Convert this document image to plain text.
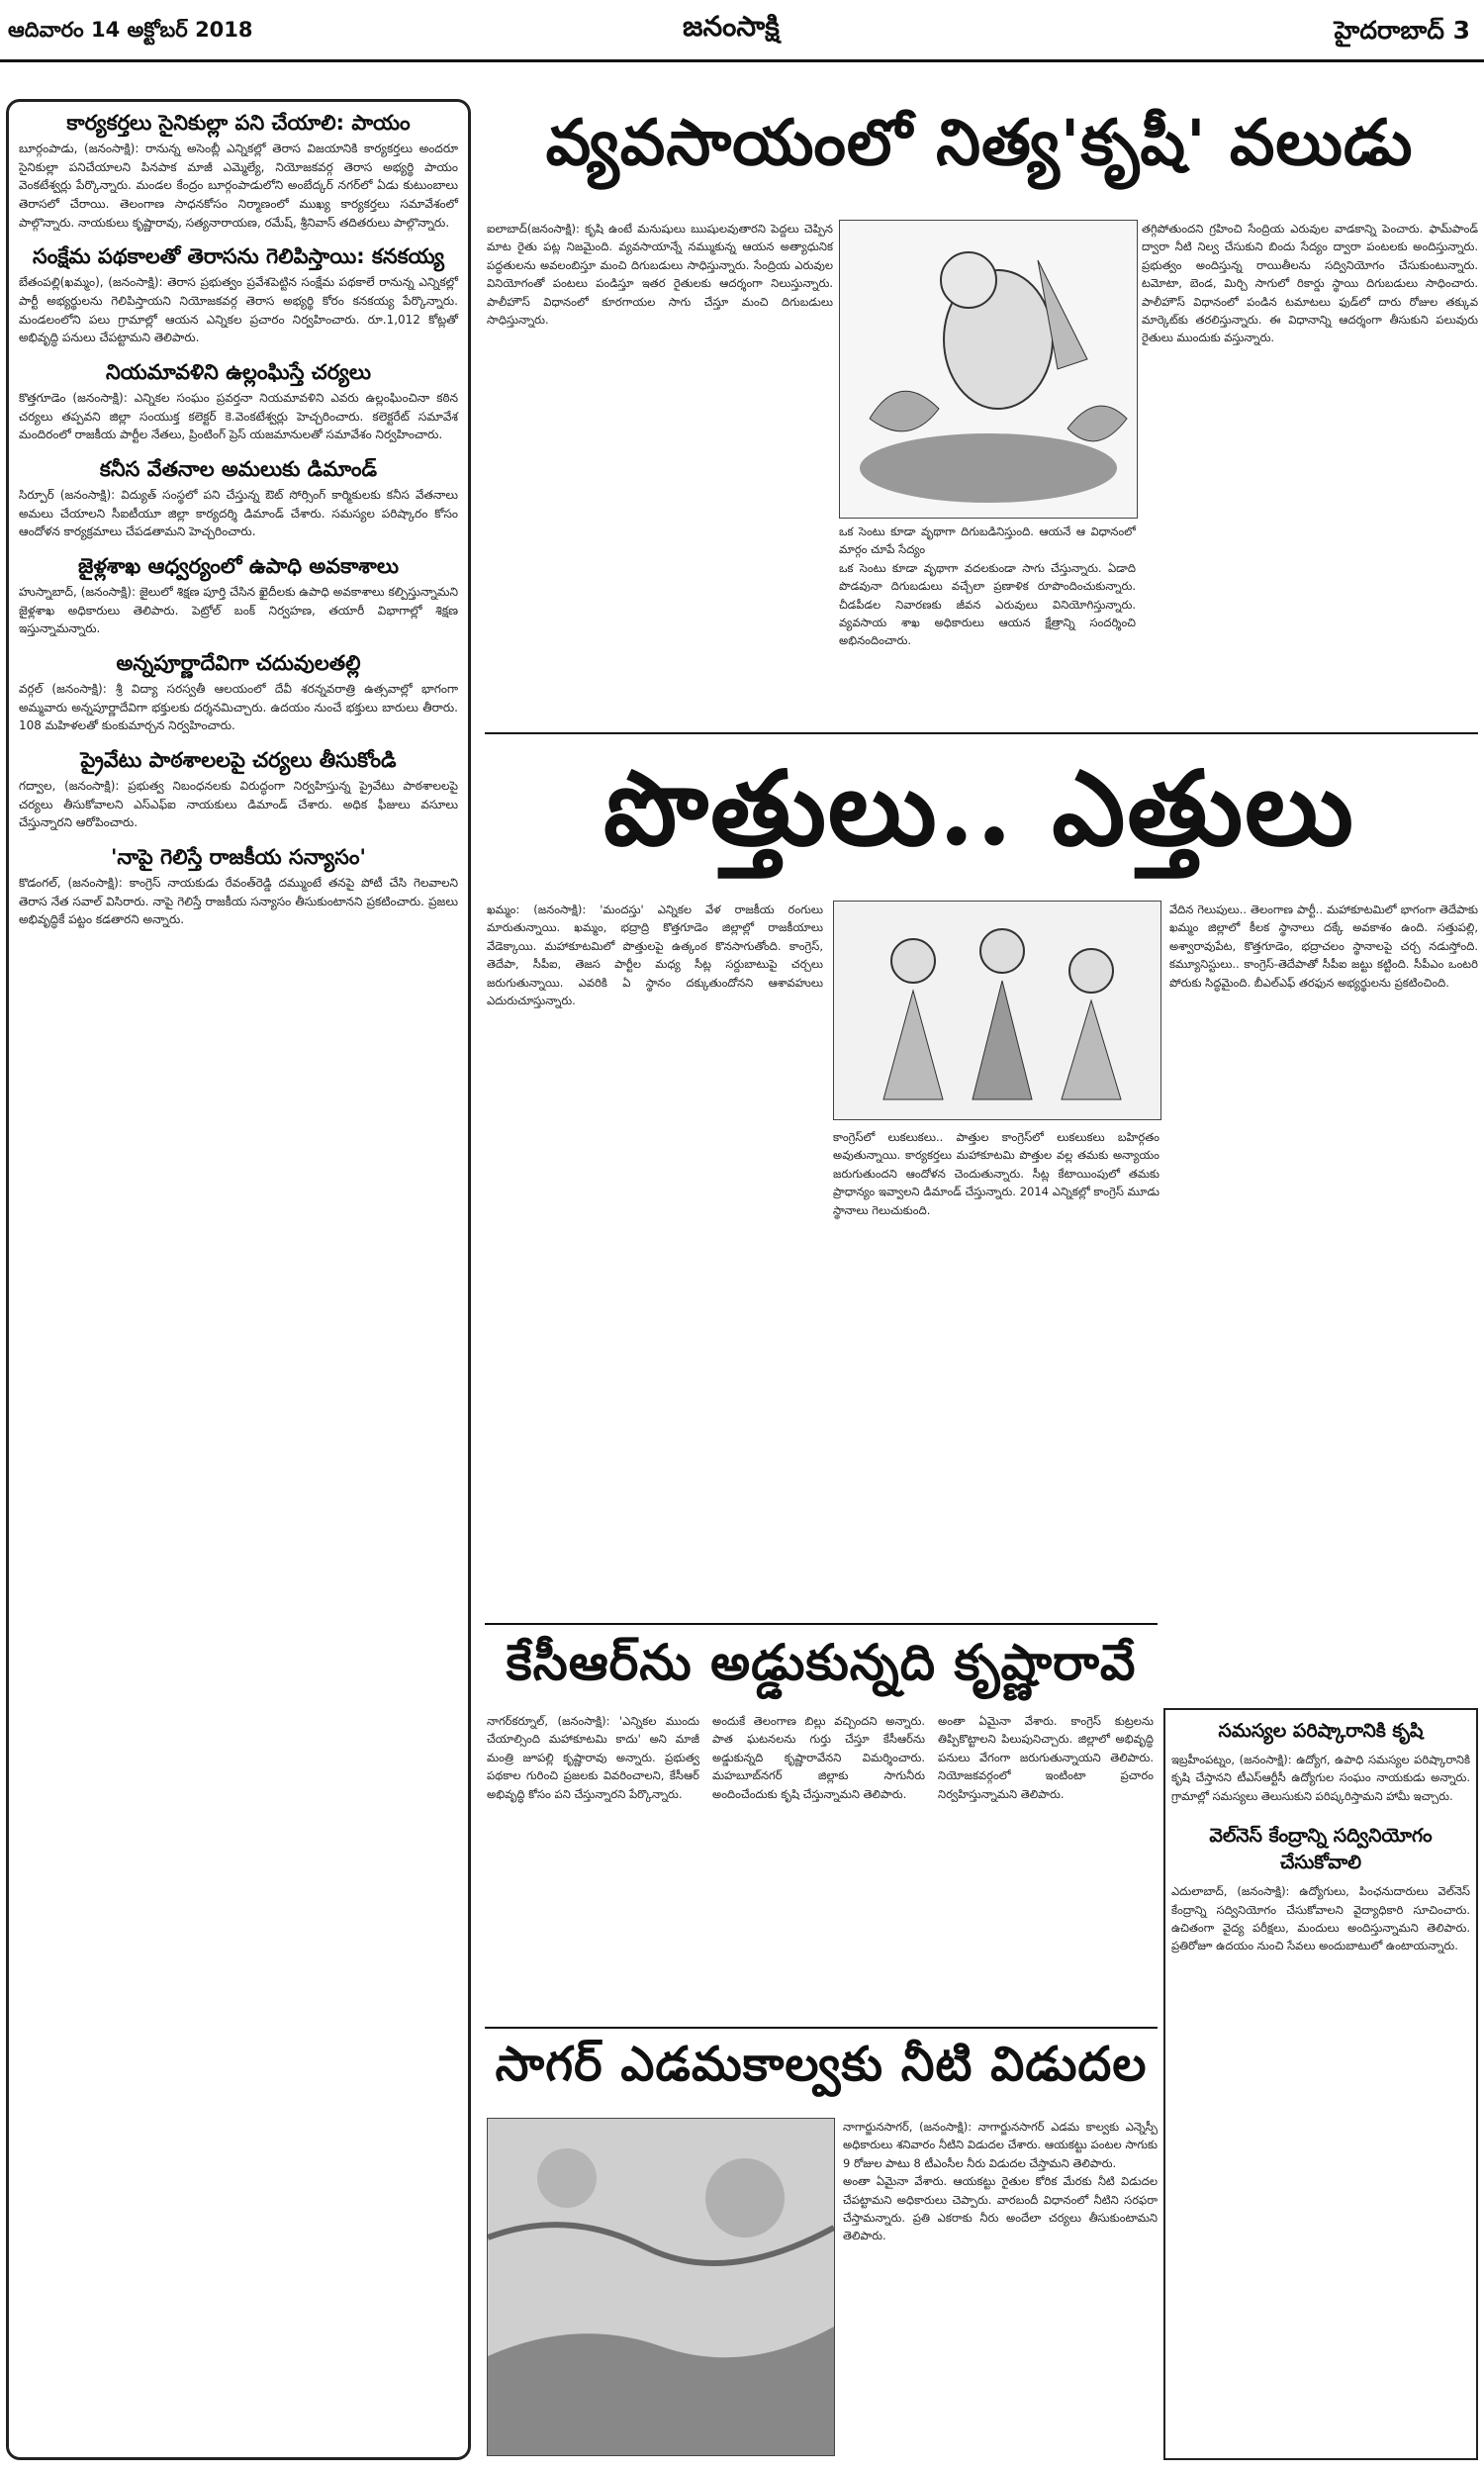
ఆదివారం 14 అక్టోబర్ 2018	జనంసాక్షి	హైదరాబాద్ 3
కార్యకర్తలు సైనికుల్లా పని చేయాలి: పాయం

బూర్గంపాడు, (జనంసాక్షి): రానున్న అసెంబ్లీ ఎన్నికల్లో తెరాస విజయానికి కార్యకర్తలు అందరూ సైనికుల్లా పనిచేయాలని పినపాక మాజీ ఎమ్మెల్యే, నియోజకవర్గ తెరాస అభ్యర్థి పాయం వెంకటేశ్వర్లు పేర్కొన్నారు. మండల కేంద్రం బూర్గంపాడులోని అంబేద్కర్ నగర్‌లో ఏడు కుటుంబాలు తెరాసలో చేరాయి. తెలంగాణ సాధనకోసం నిర్మాణంలో ముఖ్య కార్యకర్తలు సమావేశంలో పాల్గొన్నారు. నాయకులు కృష్ణారావు, సత్యనారాయణ, రమేష్, శ్రీనివాస్ తదితరులు పాల్గొన్నారు.

సంక్షేమ పథకాలతో తెరాసను గెలిపిస్తాయి: కనకయ్య

బేతంపల్లి(ఖమ్మం), (జనంసాక్షి): తెరాస ప్రభుత్వం ప్రవేశపెట్టిన సంక్షేమ పథకాలే రానున్న ఎన్నికల్లో పార్టీ అభ్యర్థులను గెలిపిస్తాయని నియోజకవర్గ తెరాస అభ్యర్థి కోరం కనకయ్య పేర్కొన్నారు. మండలంలోని పలు గ్రామాల్లో ఆయన ఎన్నికల ప్రచారం నిర్వహించారు. రూ.1,012 కోట్లతో అభివృద్ధి పనులు చేపట్టామని తెలిపారు.

నియమావళిని ఉల్లంఘిస్తే చర్యలు

కొత్తగూడెం (జనంసాక్షి): ఎన్నికల సంఘం ప్రవర్తనా నియమావళిని ఎవరు ఉల్లంఘించినా కఠిన చర్యలు తప్పవని జిల్లా సంయుక్త కలెక్టర్ కె.వెంకటేశ్వర్లు హెచ్చరించారు. కలెక్టరేట్ సమావేశ మందిరంలో రాజకీయ పార్టీల నేతలు, ప్రింటింగ్ ప్రెస్ యజమానులతో సమావేశం నిర్వహించారు.

కనీస వేతనాల అమలుకు డిమాండ్

సిర్పూర్ (జనంసాక్షి): విద్యుత్ సంస్థలో పని చేస్తున్న ఔట్ సోర్సింగ్ కార్మికులకు కనీస వేతనాలు అమలు చేయాలని సీఐటీయూ జిల్లా కార్యదర్శి డిమాండ్ చేశారు. సమస్యల పరిష్కారం కోసం ఆందోళన కార్యక్రమాలు చేపడతామని హెచ్చరించారు.

జైళ్లశాఖ ఆధ్వర్యంలో ఉపాధి అవకాశాలు

హుస్నాబాద్, (జనంసాక్షి): జైలులో శిక్షణ పూర్తి చేసిన ఖైదీలకు ఉపాధి అవకాశాలు కల్పిస్తున్నామని జైళ్లశాఖ అధికారులు తెలిపారు. పెట్రోల్ బంక్ నిర్వహణ, తయారీ విభాగాల్లో శిక్షణ ఇస్తున్నామన్నారు.

అన్నపూర్ణాదేవిగా చదువులతల్లి

వర్గల్ (జనంసాక్షి): శ్రీ విద్యా సరస్వతీ ఆలయంలో దేవీ శరన్నవరాత్రి ఉత్సవాల్లో భాగంగా అమ్మవారు అన్నపూర్ణాదేవిగా భక్తులకు దర్శనమిచ్చారు. ఉదయం నుంచే భక్తులు బారులు తీరారు. 108 మహిళలతో కుంకుమార్చన నిర్వహించారు.

ప్రైవేటు పాఠశాలలపై చర్యలు తీసుకోండి

గద్వాల, (జనంసాక్షి): ప్రభుత్వ నిబంధనలకు విరుద్ధంగా నిర్వహిస్తున్న ప్రైవేటు పాఠశాలలపై చర్యలు తీసుకోవాలని ఎస్ఎఫ్ఐ నాయకులు డిమాండ్ చేశారు. అధిక ఫీజులు వసూలు చేస్తున్నారని ఆరోపించారు.

'నాపై గెలిస్తే రాజకీయ సన్యాసం'

కొడంగల్, (జనంసాక్షి): కాంగ్రెస్ నాయకుడు రేవంత్‌రెడ్డి దమ్ముంటే తనపై పోటీ చేసి గెలవాలని తెరాస నేత సవాల్ విసిరారు. నాపై గెలిస్తే రాజకీయ సన్యాసం తీసుకుంటానని ప్రకటించారు. ప్రజలు అభివృద్ధికే పట్టం కడతారని అన్నారు.

వ్యవసాయంలో నిత్య'కృషీ' వలుడు

ఐలాబాద్‌(జనంసాక్షి): కృషి ఉంటే మనుషులు ఋషులవుతారని పెద్దలు చెప్పిన మాట రైతు పట్ల నిజమైంది. వ్యవసాయాన్నే నమ్ముకున్న ఆయన అత్యాధునిక పద్ధతులను అవలంబిస్తూ మంచి దిగుబడులు సాధిస్తున్నారు. సేంద్రియ ఎరువుల వినియోగంతో పంటలు పండిస్తూ ఇతర రైతులకు ఆదర్శంగా నిలుస్తున్నారు. పాలీహౌస్ విధానంలో కూరగాయల సాగు చేస్తూ మంచి దిగుబడులు సాధిస్తున్నారు.

ఒక సెంటు కూడా వృథాగా దిగుబడినిస్తుంది. ఆయనే ఆ విధానంలో మార్గం చూపే సేద్యం

ఒక సెంటు కూడా వృథాగా వదలకుండా సాగు చేస్తున్నారు. ఏడాది పొడవునా దిగుబడులు వచ్చేలా ప్రణాళిక రూపొందించుకున్నారు. చీడపీడల నివారణకు జీవన ఎరువులు వినియోగిస్తున్నారు. వ్యవసాయ శాఖ అధికారులు ఆయన క్షేత్రాన్ని సందర్శించి అభినందించారు.

తగ్గిపోతుందని గ్రహించి సేంద్రియ ఎరువుల వాడకాన్ని పెంచారు. ఫామ్‌పాండ్ ద్వారా నీటి నిల్వ చేసుకుని బిందు సేద్యం ద్వారా పంటలకు అందిస్తున్నారు. ప్రభుత్వం అందిస్తున్న రాయితీలను సద్వినియోగం చేసుకుంటున్నారు. టమోటా, బెండ, మిర్చి సాగులో రికార్డు స్థాయి దిగుబడులు సాధించారు. పాలీహౌస్ విధానంలో పండిన టమాటలు ఫుడ్‌లో దారు రోజుల తక్కువ మార్కెట్‌కు తరలిస్తున్నారు. ఈ విధానాన్ని ఆదర్శంగా తీసుకుని పలువురు రైతులు ముందుకు వస్తున్నారు.

పొత్తులు.. ఎత్తులు

ఖమ్మం: (జనంసాక్షి): 'మందస్తు' ఎన్నికల వేళ రాజకీయ రంగులు మారుతున్నాయి. ఖమ్మం, భద్రాద్రి కొత్తగూడెం జిల్లాల్లో రాజకీయాలు వేడెక్కాయి. మహాకూటమిలో పొత్తులపై ఉత్కంఠ కొనసాగుతోంది. కాంగ్రెస్, తెదేపా, సీపీఐ, తెజస పార్టీల మధ్య సీట్ల సర్దుబాటుపై చర్చలు జరుగుతున్నాయి. ఎవరికి ఏ స్థానం దక్కుతుందోనని ఆశావహులు ఎదురుచూస్తున్నారు.

కాంగ్రెస్‌లో లుకలుకలు.. పాత్తుల కాంగ్రెస్‌లో లుకలుకలు బహిర్గతం అవుతున్నాయి. కార్యకర్తలు మహాకూటమి పొత్తుల వల్ల తమకు అన్యాయం జరుగుతుందని ఆందోళన చెందుతున్నారు. సీట్ల కేటాయింపులో తమకు ప్రాధాన్యం ఇవ్వాలని డిమాండ్ చేస్తున్నారు. 2014 ఎన్నికల్లో కాంగ్రెస్ మూడు స్థానాలు గెలుచుకుంది.

వేదిన గెలుపులు.. తెలంగాణ పార్టీ.. మహాకూటమిలో భాగంగా తెదేపాకు ఖమ్మం జిల్లాలో కీలక స్థానాలు దక్కే అవకాశం ఉంది. సత్తుపల్లి, అశ్వారావుపేట, కొత్తగూడెం, భద్రాచలం స్థానాలపై చర్చ నడుస్తోంది. కమ్యూనిస్టులు.. కాంగ్రెస్-తెదేపాతో సీపీఐ జట్టు కట్టింది. సీపీఎం ఒంటరి పోరుకు సిద్ధమైంది. బీఎల్‌ఎఫ్ తరఫున అభ్యర్థులను ప్రకటించింది.

కేసీఆర్‌ను అడ్డుకున్నది కృష్ణారావే

నాగర్‌కర్నూల్, (జనంసాక్షి): 'ఎన్నికల ముందు చేయాల్సింది మహాకూటమి కాదు' అని మాజీ మంత్రి జూపల్లి కృష్ణారావు అన్నారు. ప్రభుత్వ పథకాల గురించి ప్రజలకు వివరించాలని, కేసీఆర్ అభివృద్ధి కోసం పని చేస్తున్నారని పేర్కొన్నారు.

అందుకే తెలంగాణ బిల్లు వచ్చిందని అన్నారు. పాత ఘటనలను గుర్తు చేస్తూ కేసీఆర్‌ను అడ్డుకున్నది కృష్ణారావేనని విమర్శించారు. మహబూబ్‌నగర్ జిల్లాకు సాగునీరు అందించేందుకు కృషి చేస్తున్నామని తెలిపారు.

అంతా ఏమైనా వేశారు. కాంగ్రెస్ కుట్రలను తిప్పికొట్టాలని పిలుపునిచ్చారు. జిల్లాలో అభివృద్ధి పనులు వేగంగా జరుగుతున్నాయని తెలిపారు. నియోజకవర్గంలో ఇంటింటా ప్రచారం నిర్వహిస్తున్నామని తెలిపారు.

సాగర్‌ ఎడమకాల్వకు నీటి విడుదల

నాగార్జునసాగర్, (జనంసాక్షి): నాగార్జునసాగర్ ఎడమ కాల్వకు ఎన్నెస్పీ అధికారులు శనివారం నీటిని విడుదల చేశారు. ఆయకట్టు పంటల సాగుకు 9 రోజుల పాటు 8 టీఎంసీల నీరు విడుదల చేస్తామని తెలిపారు.

అంతా ఏమైనా వేశారు. ఆయకట్టు రైతుల కోరిక మేరకు నీటి విడుదల చేపట్టామని అధికారులు చెప్పారు. వారబందీ విధానంలో నీటిని సరఫరా చేస్తామన్నారు. ప్రతి ఎకరాకు నీరు అందేలా చర్యలు తీసుకుంటామని తెలిపారు.

సమస్యల పరిష్కారానికి కృషి

ఇబ్రహీంపట్నం, (జనంసాక్షి): ఉద్యోగ, ఉపాధి సమస్యల పరిష్కారానికి కృషి చేస్తానని టీఎస్‌ఆర్టీసీ ఉద్యోగుల సంఘం నాయకుడు అన్నారు. గ్రామాల్లో సమస్యలు తెలుసుకుని పరిష్కరిస్తామని హామీ ఇచ్చారు.

వెల్‌నెస్‌ కేంద్రాన్ని సద్వినియోగం చేసుకోవాలి

ఎదులాబాద్, (జనంసాక్షి): ఉద్యోగులు, పింఛనుదారులు వెల్‌నెస్ కేంద్రాన్ని సద్వినియోగం చేసుకోవాలని వైద్యాధికారి సూచించారు. ఉచితంగా వైద్య పరీక్షలు, మందులు అందిస్తున్నామని తెలిపారు. ప్రతిరోజూ ఉదయం నుంచి సేవలు అందుబాటులో ఉంటాయన్నారు.
